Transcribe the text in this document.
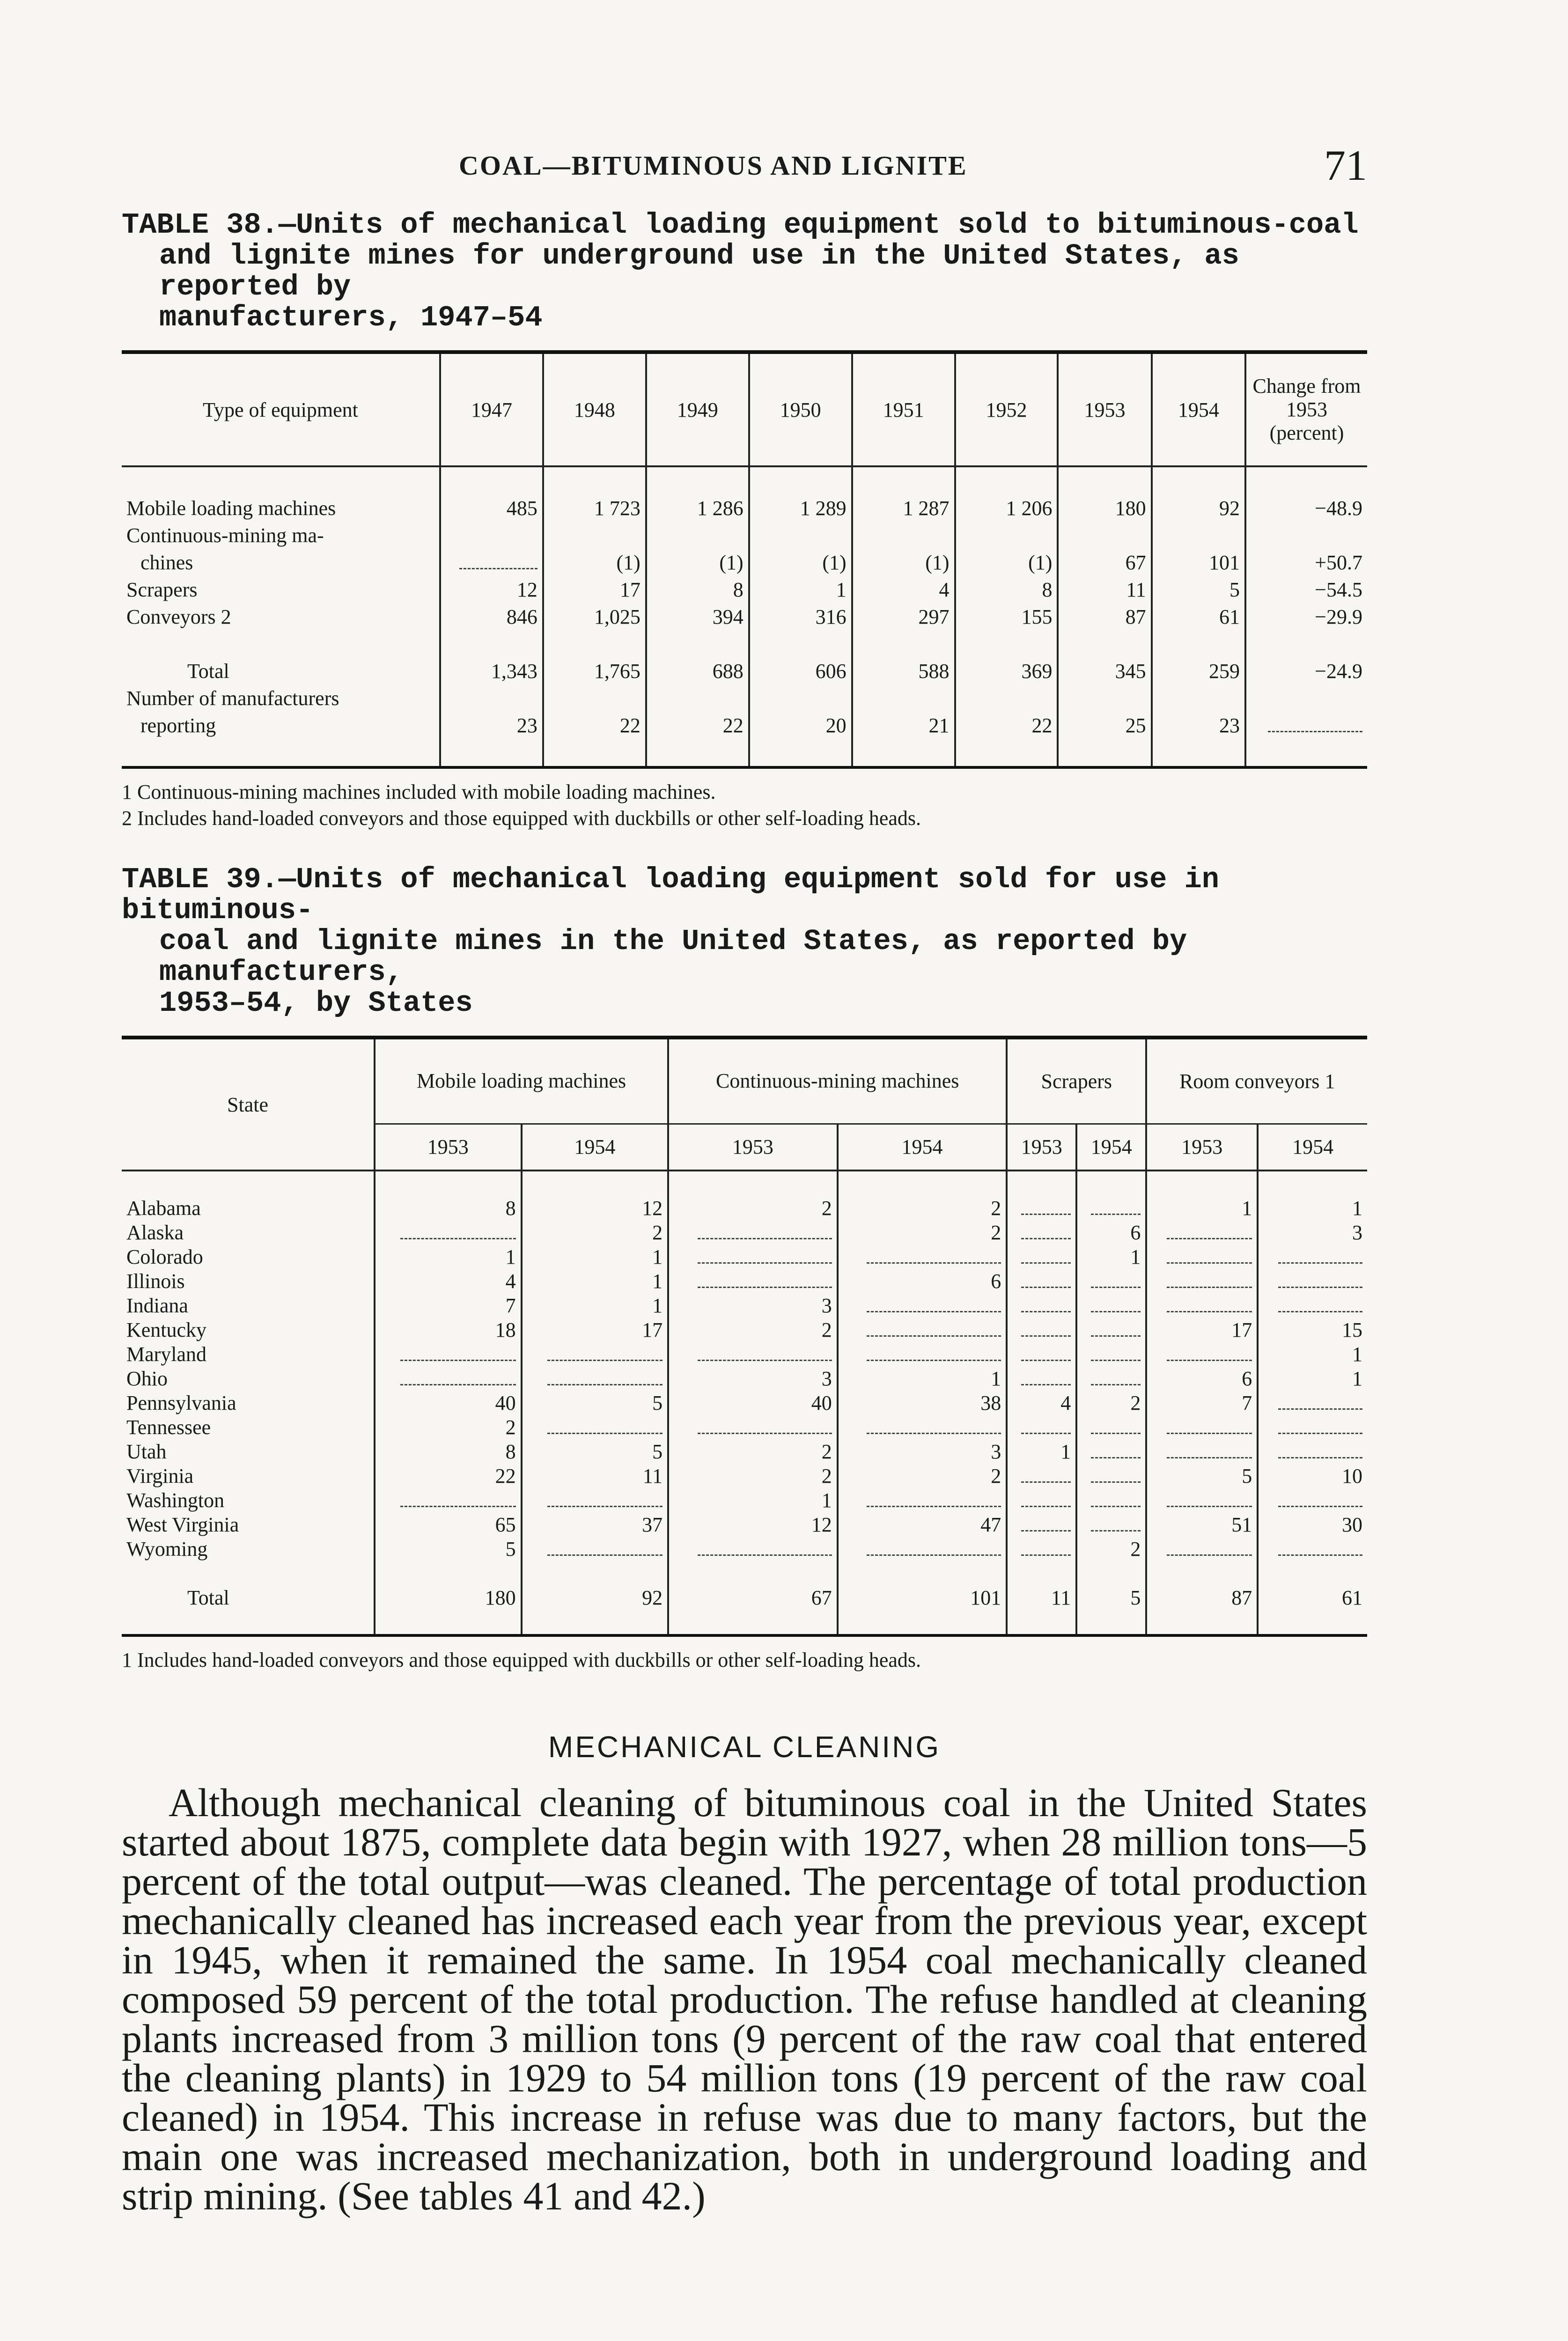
COAL—BITUMINOUS AND LIGNITE	71
TABLE 38.—Units of mechanical loading equipment sold to bituminous-coal
and lignite mines for underground use in the United States, as reported by
manufacturers, 1947–54
Type of equipment	1947	1948	1949	1950	1951	1952	1953	1954	Change from 1953 (percent)

Mobile loading machines	485	1 723	1 286	1 289	1 287	1 206	180	92	−48.9
Continuous-mining ma-									
chines		(1)	(1)	(1)	(1)	(1)	67	101	+50.7
Scrapers	12	17	8	1	4	8	11	5	−54.5
Conveyors 2	846	1,025	394	316	297	155	87	61	−29.9

Total	1,343	1,765	688	606	588	369	345	259	−24.9
Number of manufacturers									
reporting	23	22	22	20	21	22	25	23	

1 Continuous-mining machines included with mobile loading machines.
2 Includes hand-loaded conveyors and those equipped with duckbills or other self-loading heads.
TABLE 39.—Units of mechanical loading equipment sold for use in bituminous-
coal and lignite mines in the United States, as reported by manufacturers,
1953–54, by States
State	Mobile loading machines		Continuous-mining machines		Scrapers		Room conveyors 1	
	1953	1954	1953	1954	1953	1954	1953	1954

Alabama	8	12	2	2			1	1
Alaska		2		2		6		3
Colorado	1	1				1		
Illinois	4	1		6				
Indiana	7	1	3					
Kentucky	18	17	2				17	15
Maryland								1
Ohio			3	1			6	1
Pennsylvania	40	5	40	38	4	2	7	
Tennessee	2							
Utah	8	5	2	3	1			
Virginia	22	11	2	2			5	10
Washington			1					
West Virginia	65	37	12	47			51	30
Wyoming	5					2		

Total	180	92	67	101	11	5	87	61

1 Includes hand-loaded conveyors and those equipped with duckbills or other self-loading heads.
MECHANICAL CLEANING

Although mechanical cleaning of bituminous coal in the United States started about 1875, complete data begin with 1927, when 28 million tons—5 percent of the total output—was cleaned. The percentage of total production mechanically cleaned has increased each year from the previous year, except in 1945, when it remained the same. In 1954 coal mechanically cleaned composed 59 percent of the total production. The refuse handled at cleaning plants increased from 3 million tons (9 percent of the raw coal that entered the cleaning plants) in 1929 to 54 million tons (19 percent of the raw coal cleaned) in 1954. This increase in refuse was due to many factors, but the main one was increased mechanization, both in underground loading and strip mining. (See tables 41 and 42.)
